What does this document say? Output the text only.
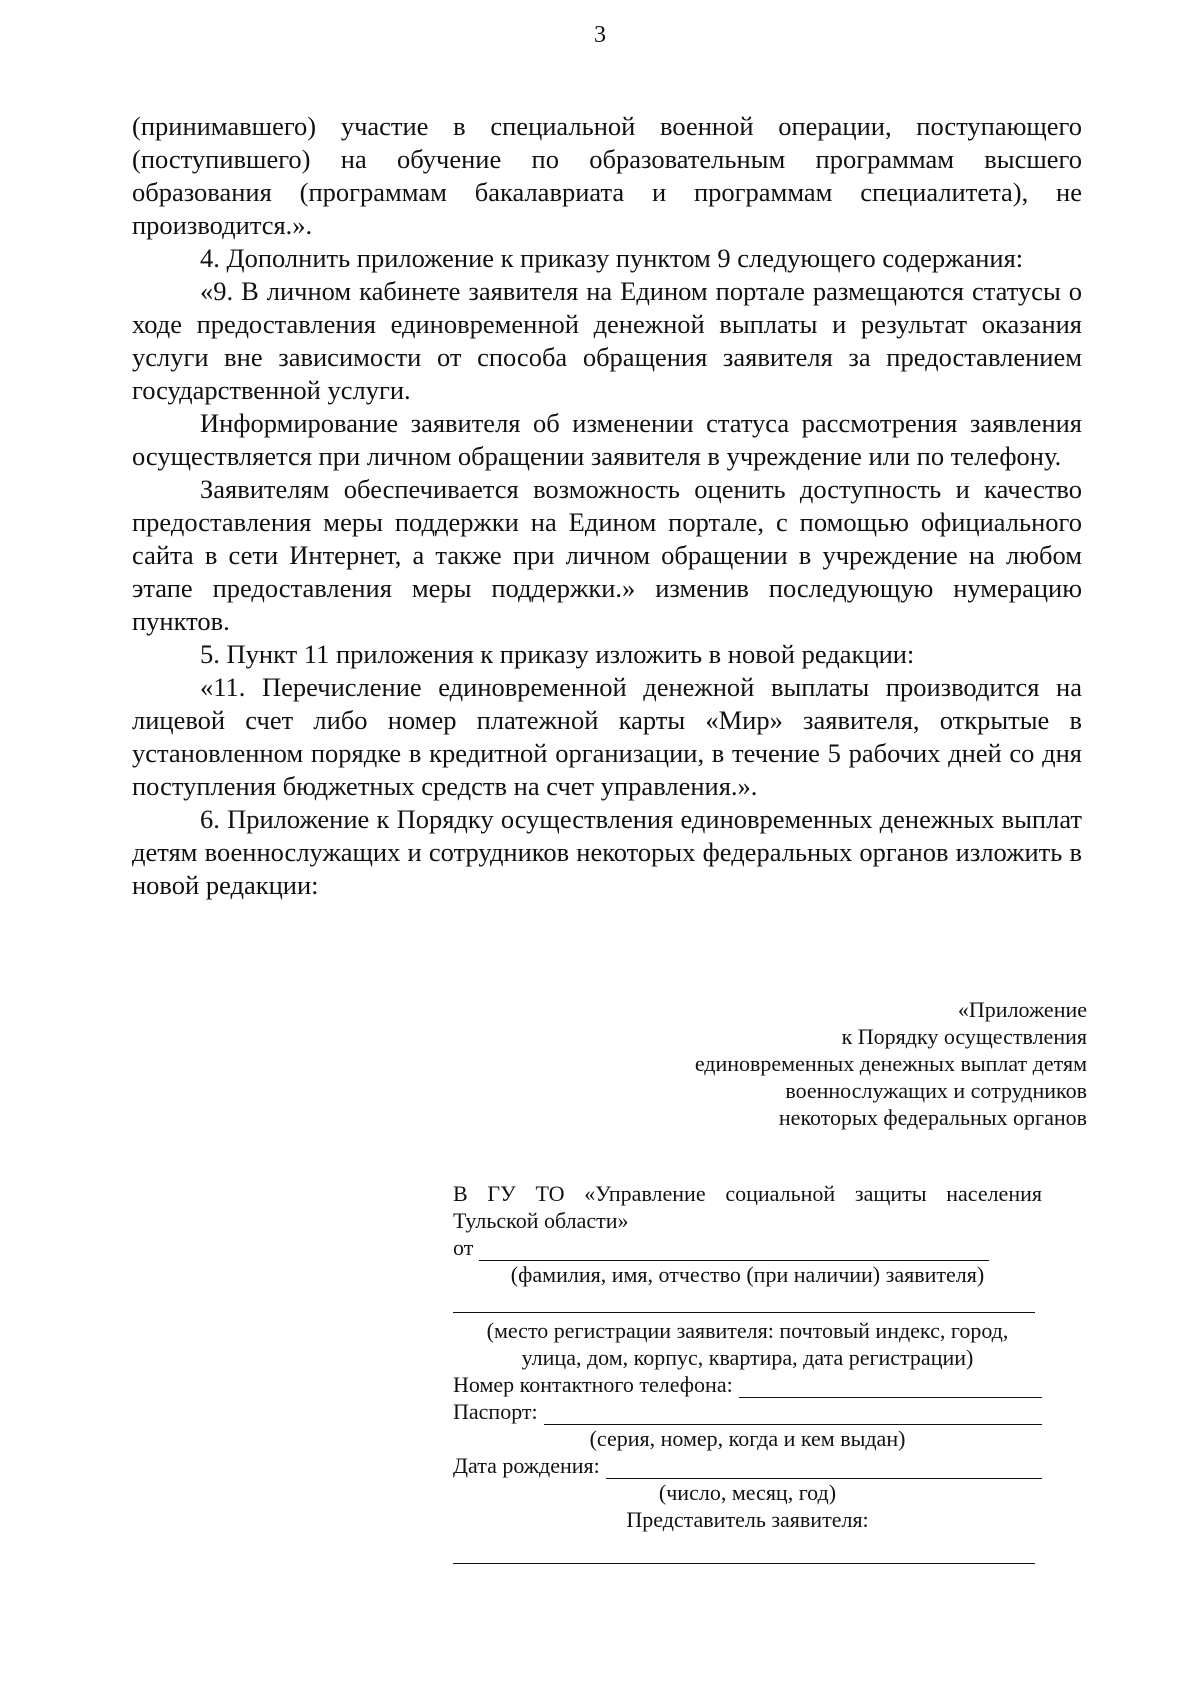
3

(принимавшего) участие в специальной военной операции, поступающего (поступившего) на обучение по образовательным программам высшего образования (программам бакалавриата и программам специалитета), не производится.».

4. Дополнить приложение к приказу пунктом 9 следующего содержания:

«9. В личном кабинете заявителя на Едином портале размещаются статусы о ходе предоставления единовременной денежной выплаты и результат оказания услуги вне зависимости от способа обращения заявителя за предоставлением государственной услуги.

Информирование заявителя об изменении статуса рассмотрения заявления осуществляется при личном обращении заявителя в учреждение или по телефону.

Заявителям обеспечивается возможность оценить доступность и качество предоставления меры поддержки на Едином портале, с помощью официального сайта в сети Интернет, а также при личном обращении в учреждение на любом этапе предоставления меры поддержки.» изменив последующую нумерацию пунктов.

5. Пункт 11 приложения к приказу изложить в новой редакции:

«11. Перечисление единовременной денежной выплаты производится на лицевой счет либо номер платежной карты «Мир» заявителя, открытые в установленном порядке в кредитной организации, в течение 5 рабочих дней со дня поступления бюджетных средств на счет управления.».

6. Приложение к Порядку осуществления единовременных денежных выплат детям военнослужащих и сотрудников некоторых федеральных органов изложить в новой редакции:

«Приложение
к Порядку осуществления
единовременных денежных выплат детям
военнослужащих и сотрудников
некоторых федеральных органов

В ГУ ТО «Управление социальной защиты населения Тульской области»

от
(фамилия, имя, отчество (при наличии) заявителя)
(место регистрации заявителя: почтовый индекс, город,
улица, дом, корпус, квартира, дата регистрации)
Номер контактного телефона:
Паспорт:
(серия, номер, когда и кем выдан)
Дата рождения:
(число, месяц, год)
Представитель заявителя:
